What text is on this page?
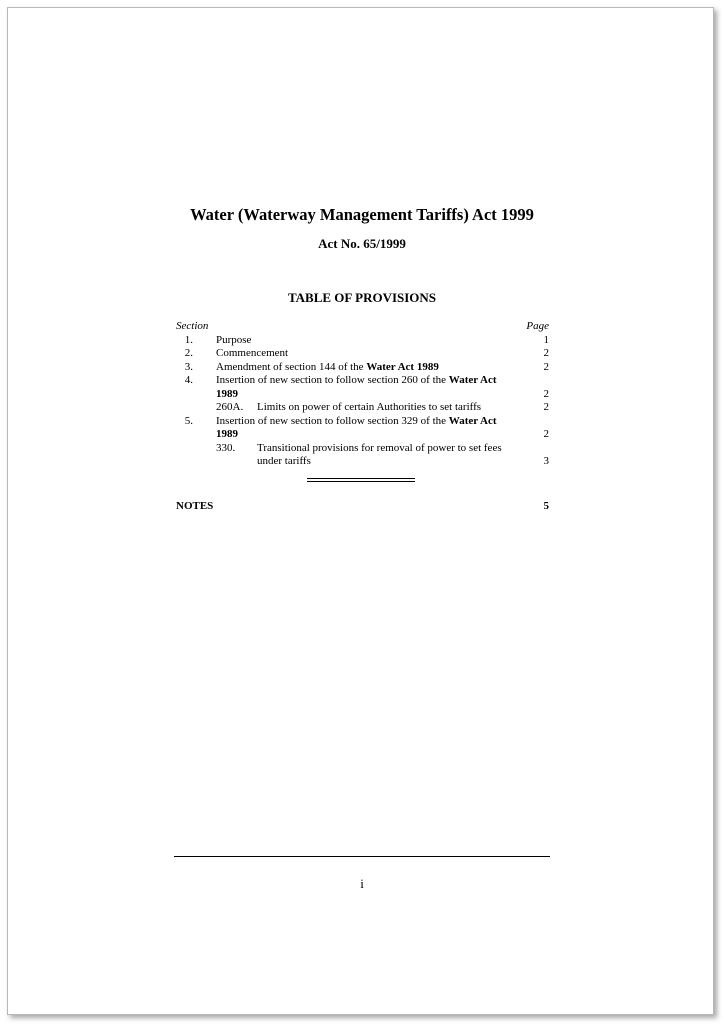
Water (Waterway Management Tariffs) Act 1999
Act No. 65/1999
TABLE OF PROVISIONS
Section	Page
1. Purpose	1
2. Commencement	2
3. Amendment of section 144 of the Water Act 1989	2
4. Insertion of new section to follow section 260 of the Water Act
1989	2
260A. Limits on power of certain Authorities to set tariffs	2
5. Insertion of new section to follow section 329 of the Water Act
1989	2
330. Transitional provisions for removal of power to set fees
under tariffs	3
NOTES	5
i
